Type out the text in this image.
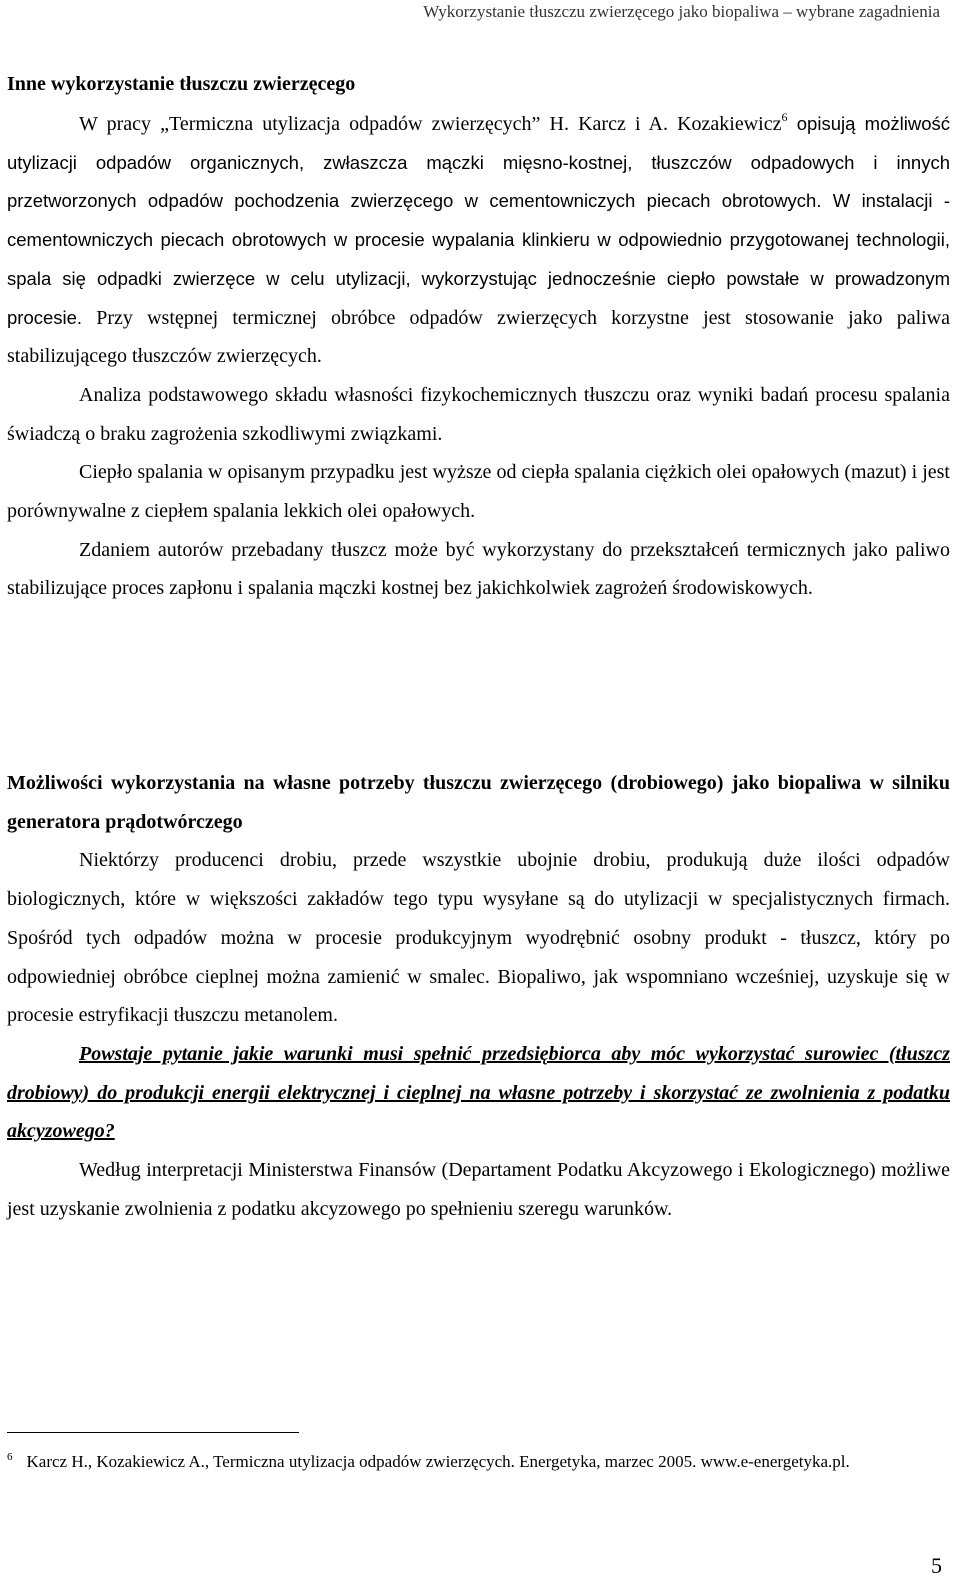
Wykorzystanie tłuszczu zwierzęcego jako biopaliwa – wybrane zagadnienia
Inne wykorzystanie tłuszczu zwierzęcego

W pracy „Termiczna utylizacja odpadów zwierzęcych” H. Karcz i A. Kozakiewicz$^6$ opisują możliwość utylizacji odpadów organicznych, zwłaszcza mączki mięsno-kostnej, tłuszczów odpadowych i innych przetworzonych odpadów pochodzenia zwierzęcego w cementowniczych piecach obrotowych. W instalacji - cementowniczych piecach obrotowych w procesie wypalania klinkieru w odpowiednio przygotowanej technologii, spala się odpadki zwierzęce w celu utylizacji, wykorzystując jednocześnie ciepło powstałe w prowadzonym procesie. Przy wstępnej termicznej obróbce odpadów zwierzęcych korzystne jest stosowanie jako paliwa stabilizującego tłuszczów zwierzęcych.

Analiza podstawowego składu własności fizykochemicznych tłuszczu oraz wyniki badań procesu spalania świadczą o braku zagrożenia szkodliwymi związkami.

Ciepło spalania w opisanym przypadku jest wyższe od ciepła spalania ciężkich olei opałowych (mazut) i jest porównywalne z ciepłem spalania lekkich olei opałowych.

Zdaniem autorów przebadany tłuszcz może być wykorzystany do przekształceń termicznych jako paliwo stabilizujące proces zapłonu i spalania mączki kostnej bez jakichkolwiek zagrożeń środowiskowych.

Możliwości wykorzystania na własne potrzeby tłuszczu zwierzęcego (drobiowego) jako biopaliwa w silniku generatora prądotwórczego

Niektórzy producenci drobiu, przede wszystkie ubojnie drobiu, produkują duże ilości odpadów biologicznych, które w większości zakładów tego typu wysyłane są do utylizacji w specjalistycznych firmach. Spośród tych odpadów można w procesie produkcyjnym wyodrębnić osobny produkt - tłuszcz, który po odpowiedniej obróbce cieplnej można zamienić w smalec. Biopaliwo, jak wspomniano wcześniej, uzyskuje się w procesie estryfikacji tłuszczu metanolem.

Powstaje pytanie jakie warunki musi spełnić przedsiębiorca aby móc wykorzystać surowiec (tłuszcz drobiowy) do produkcji energii elektrycznej i cieplnej na własne potrzeby i skorzystać ze zwolnienia z podatku akcyzowego?

Według interpretacji Ministerstwa Finansów (Departament Podatku Akcyzowego i Ekologicznego) możliwe jest uzyskanie zwolnienia z podatku akcyzowego po spełnieniu szeregu warunków.

$^6$ Karcz H., Kozakiewicz A., Termiczna utylizacja odpadów zwierzęcych. Energetyka, marzec 2005. www.e-energetyka.pl.
5
